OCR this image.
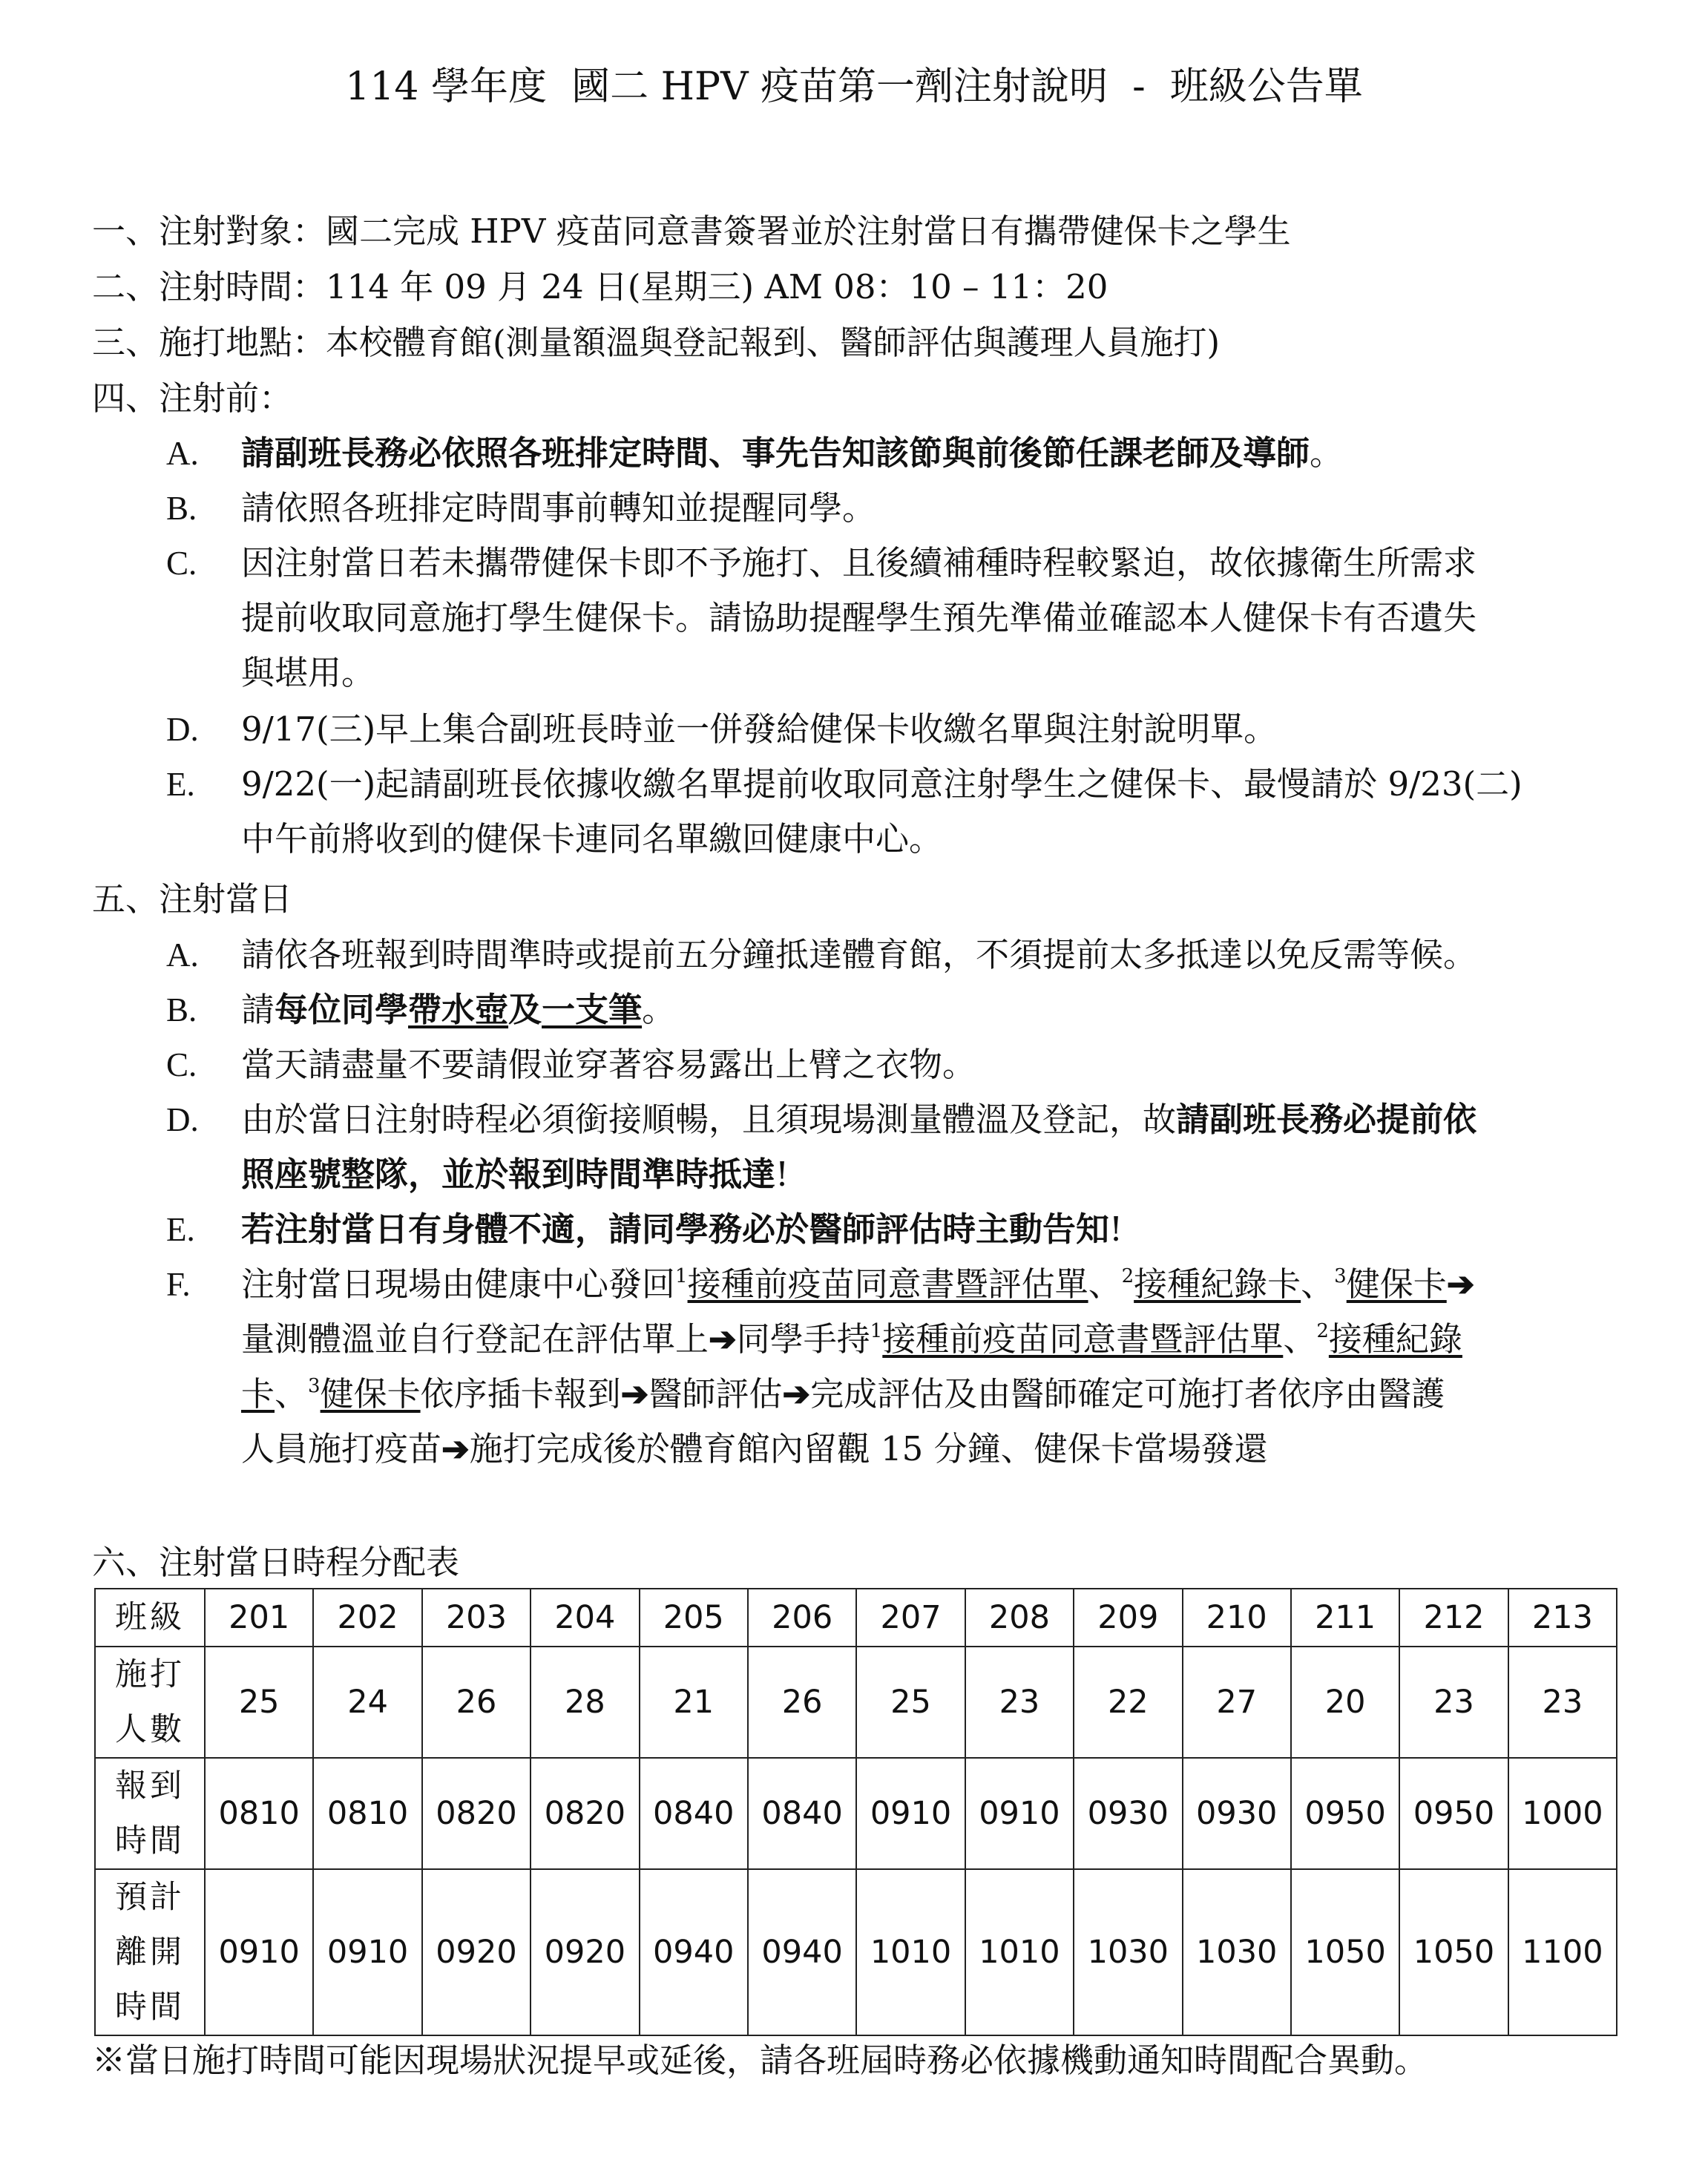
114 學年度  國二 HPV 疫苗第一劑注射說明  -  班級公告單
一、注射對象：國二完成 HPV 疫苗同意書簽署並於注射當日有攜帶健保卡之學生
二、注射時間：114 年 09 月 24 日(星期三) AM 08：10 – 11：20
三、施打地點：本校體育館(測量額溫與登記報到、醫師評估與護理人員施打)
四、注射前：
A. 請副班長務必依照各班排定時間、事先告知該節與前後節任課老師及導師。
B. 請依照各班排定時間事前轉知並提醒同學。
C. 因注射當日若未攜帶健保卡即不予施打、且後續補種時程較緊迫，故依據衛生所需求
提前收取同意施打學生健保卡。請協助提醒學生預先準備並確認本人健保卡有否遺失
與堪用。
D. 9/17(三)早上集合副班長時並一併發給健保卡收繳名單與注射說明單。
E. 9/22(一)起請副班長依據收繳名單提前收取同意注射學生之健保卡、最慢請於 9/23(二)
中午前將收到的健保卡連同名單繳回健康中心。
五、注射當日
A. 請依各班報到時間準時或提前五分鐘抵達體育館，不須提前太多抵達以免反需等候。
B. 請每位同學帶水壺及一支筆。
C. 當天請盡量不要請假並穿著容易露出上臂之衣物。
D. 由於當日注射時程必須銜接順暢，且須現場測量體溫及登記，故請副班長務必提前依
照座號整隊，並於報到時間準時抵達!
E. 若注射當日有身體不適，請同學務必於醫師評估時主動告知!
F. 注射當日現場由健康中心發回$^1$接種前疫苗同意書暨評估單、$^2$接種紀錄卡、$^3$健保卡➔
量測體溫並自行登記在評估單上➔同學手持$^1$接種前疫苗同意書暨評估單、$^2$接種紀錄
卡、$^3$健保卡依序插卡報到➔醫師評估➔完成評估及由醫師確定可施打者依序由醫護
人員施打疫苗➔施打完成後於體育館內留觀 15 分鐘、健保卡當場發還
六、注射當日時程分配表
班級	201	202	203	204	205	206	207	208	209	210	211	212	213

施打
人數	25	24	26	28	21	26	25	23	22	27	20	23	23

報到
時間	0810	0810	0820	0820	0840	0840	0910	0910	0930	0930	0950	0950	1000

預計
離開
時間	0910	0910	0920	0920	0940	0940	1010	1010	1030	1030	1050	1050	1100
※當日施打時間可能因現場狀況提早或延後，請各班屆時務必依據機動通知時間配合異動。
